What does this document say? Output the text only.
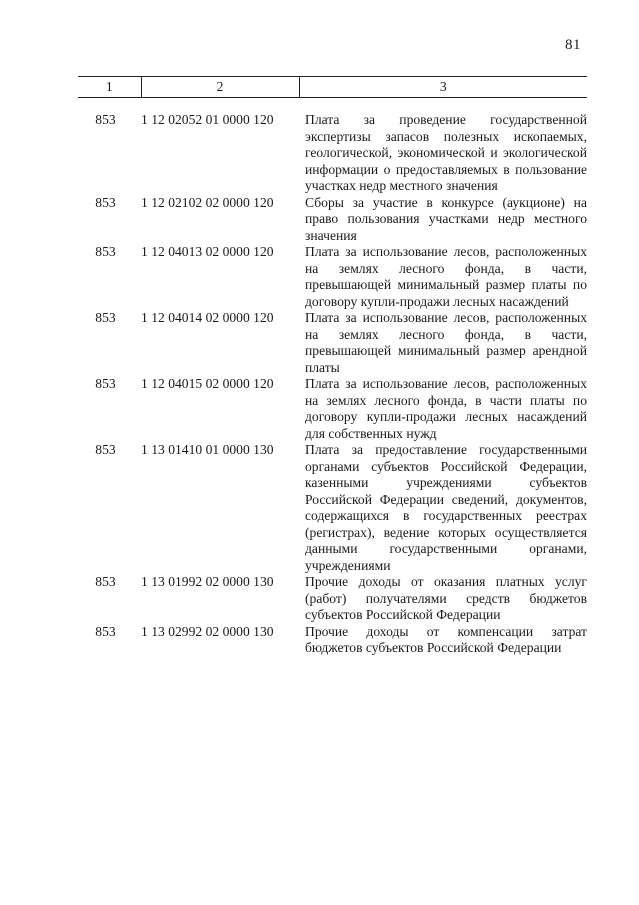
81
1	2	3

853	1 12 02052 01 0000 120	Плата за проведение государственной экспертизы запасов полезных ископаемых, геологической, экономической и экологической информации о предоставляемых в пользование участках недр местного значения
853	1 12 02102 02 0000 120	Сборы за участие в конкурсе (аукционе) на право пользования участками недр местного значения
853	1 12 04013 02 0000 120	Плата за использование лесов, расположенных на землях лесного фонда, в части, превышающей минимальный размер платы по договору купли-продажи лесных насаждений
853	1 12 04014 02 0000 120	Плата за использование лесов, расположенных на землях лесного фонда, в части, превышающей минимальный размер арендной платы
853	1 12 04015 02 0000 120	Плата за использование лесов, расположенных на землях лесного фонда, в части платы по договору купли-продажи лесных насаждений для собственных нужд
853	1 13 01410 01 0000 130	Плата за предоставление государственными органами субъектов Российской Федерации, казенными учреждениями субъектов Российской Федерации сведений, документов, содержащихся в государственных реестрах (регистрах), ведение которых осуществляется данными государственными органами, учреждениями
853	1 13 01992 02 0000 130	Прочие доходы от оказания платных услуг (работ) получателями средств бюджетов субъектов Российской Федерации
853	1 13 02992 02 0000 130	Прочие доходы от компенсации затрат бюджетов субъектов Российской Федерации
